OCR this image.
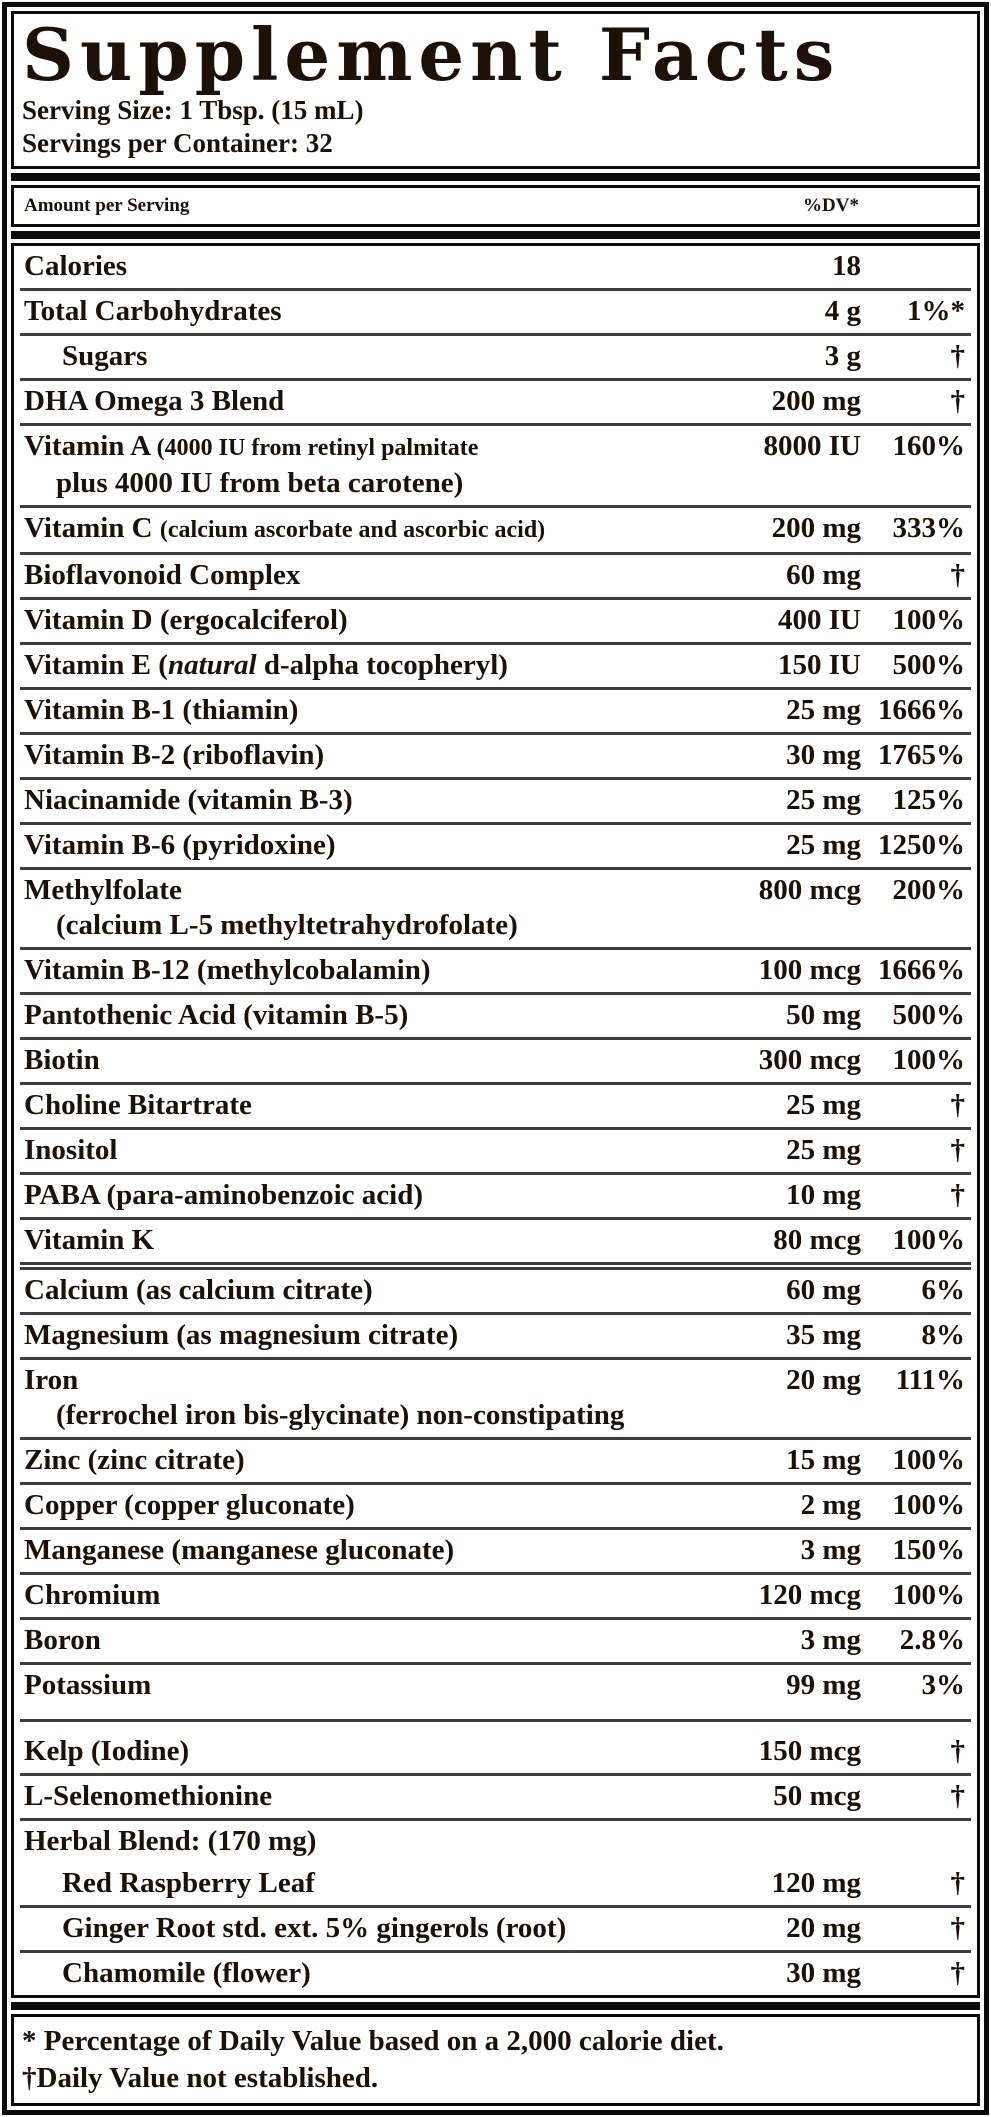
Supplement Facts
Serving Size: 1 Tbsp. (15 mL)
Servings per Container: 32
Amount per Serving	%DV*
Calories	18
Total Carbohydrates	4 g	1%*
Sugars	3 g	†
DHA Omega 3 Blend	200 mg	†
Vitamin A (4000 IU from retinyl palmitate	8000 IU	160%
plus 4000 IU from beta carotene)
Vitamin C (calcium ascorbate and ascorbic acid)	200 mg	333%
Bioflavonoid Complex	60 mg	†
Vitamin D (ergocalciferol)	400 IU	100%
Vitamin E (natural d-alpha tocopheryl)	150 IU	500%
Vitamin B-1 (thiamin)	25 mg 1666%
Vitamin B-2 (riboflavin)	30 mg 1765%
Niacinamide (vitamin B-3)	25 mg	125%
Vitamin B-6 (pyridoxine)	25 mg 1250%
Methylfolate	800 mcg	200%
(calcium L-5 methyltetrahydrofolate)
Vitamin B-12 (methylcobalamin)	100 mcg 1666%
Pantothenic Acid (vitamin B-5)	50 mg	500%
Biotin	300 mcg	100%
Choline Bitartrate	25 mg	†
Inositol	25 mg	†
PABA (para-aminobenzoic acid)	10 mg	†
Vitamin K	80 mcg	100%
Calcium (as calcium citrate)	60 mg	6%
Magnesium (as magnesium citrate)	35 mg	8%
Iron	20 mg	111%
(ferrochel iron bis-glycinate) non-constipating
Zinc (zinc citrate)	15 mg	100%
Copper (copper gluconate)	2 mg	100%
Manganese (manganese gluconate)	3 mg	150%
Chromium	120 mcg	100%
Boron	3 mg	2.8%
Potassium	99 mg	3%
Kelp (Iodine)	150 mcg	†
L-Selenomethionine	50 mcg	†
Herbal Blend: (170 mg)
Red Raspberry Leaf	120 mg	†
Ginger Root std. ext. 5% gingerols (root)	20 mg	†
Chamomile (flower)	30 mg	†
* Percentage of Daily Value based on a 2,000 calorie diet.
†Daily Value not established.
